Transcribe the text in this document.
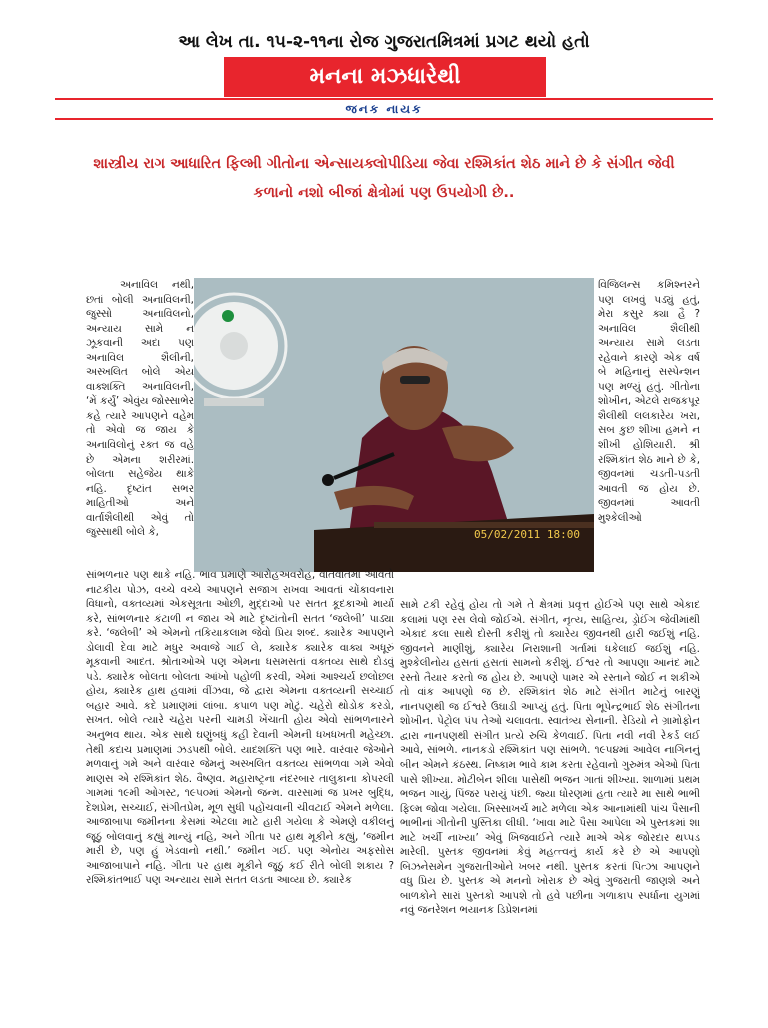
આ લેખ તા. ૧૫-૨-૧૧ના રોજ ગુજરાતમિત્રમાં પ્રગટ થયો હતો
મનના મઝધારેથી
જનક નાયક
શાસ્ત્રીય રાગ આધારિત ફિલ્મી ગીતોના એન્સાયક્લોપીડિયા જેવા રશ્મિકાંત શેઠ માને છે કે સંગીત જેવી કળાનો નશો બીજાં ક્ષેત્રોમાં પણ ઉપયોગી છે..
05/02/2011 18:00
અનાવિલ નથી, છતાં બોલી અનાવિલની, જુસ્સો અનાવિલનો, અન્યાય સામે ન ઝૂકવાની અદા પણ અનાવિલ શૈલીની, અસ્ખલિત બોલે એય વાક્શક્તિ અનાવિલની, ‘મેં કર્યું’ એવુંય જોસ્સાભેર કહે ત્યારે આપણને વહેમ તો એવો જ જાય કે અનાવિલોનું રક્ત જ વહે છે એમના શરીરમાં. બોલતા સહેજેય થાકે નહિ. દૃષ્ટાંત સભર માહિતીઓ અને વાર્તાશૈલીથી એવું તો જુસ્સાથી બોલે કે,
વિજિલન્સ કમિશ્નરને પણ લખવું પડ્યું હતું, મેરા કસુર ક્યા હૈ ? અનાવિલ શૈલીથી અન્યાય સામે લડતા રહેવાને કારણે એક વર્ષ બે મહિનાનું સસ્પેન્શન પણ મળ્યું હતું. ગીતોના શોખીન, એટલે રાજકપૂર શૈલીથી લલકારેય ખરા, સબ કુછ શીખા હમને ન શીખી હોશિયારી. શ્રી રશ્મિકાંત શેઠ માને છે કે, જીવનમાં ચડતી-પડતી આવતી જ હોય છે. જીવનમાં આવતી મુશ્કેલીઓ
સાંભળનાર પણ થાકે નહિ. ભાવ પ્રમાણે આરોહઅવરોહ, વાતવાતમાં આવતો નાટકીય પોઝ, વચ્ચે વચ્ચે આપણને સજાગ રાખવા આવતાં ચોંકાવનારા વિધાનો, વક્તવ્યમાં એકસૂત્રતા ઓછી, મુદ્દાઓ પર સતત કૂદકાઓ માર્યા કરે, સાંભળનાર કંટાળી ન જાય એ માટે દૃષ્ટાંતોની સતત ‘જલેબી’ પાડ્યા કરે. ‘જલેબી’ એ એમનો તકિયાકલામ જેવો પ્રિય શબ્દ. ક્યારેક આપણને ડોલાવી દેવા માટે મધુર અવાજે ગાઈ લે, ક્યારેક ક્યારેક વાક્ય અધૂરું મૂકવાની આદત. શ્રોતાઓએ પણ એમના ધસમસતાં વક્તવ્ય સાથે દોડવું પડે. ક્યારેક બોલતા બોલતા આંખો પહોળી કરવી, એમાં આશ્ચર્ય છલોછલ હોય, ક્યારેક હાથ હવામાં વીંઝવા, જે દ્વારા એમના વક્તવ્યની સચ્ચાઈ બહાર આવે. કદે પ્રમાણમાં લાંબા. કપાળ પણ મોટું. ચહેરો થોડોક કરડો, સખત. બોલે ત્યારે ચહેરા પરની ચામડી ખેંચાતી હોય એવો સાંભળનારને અનુભવ થાય. એક સાથે ઘણુંબધું કહી દેવાની એમની ધખધખતી મહેચ્છા. તેથી કદાચ પ્રમાણમાં ઝડપથી બોલે. યાદશક્તિ પણ ભારે. વારંવાર જેઓને મળવાનું ગમે અને વારંવાર જેમનું અસ્ખલિત વક્તવ્ય સાંભળવા ગમે એવો માણસ એ રશ્મિકાંત શેઠ. વૈષ્ણવ. મહારાષ્ટ્રના નંદરબાર તાલુકાના કોપરલી ગામમાં ૧૯મી ઓગસ્ટ, ૧૯૫૦માં એમનો જન્મ. વારસામાં જ પ્રખર બુદ્ધિ, દેશપ્રેમ, સચ્ચાઈ, સંગીતપ્રેમ, મૂળ સુધી પહોંચવાની ચીવટાઈ એમને મળેલા. આજાબાપા જમીનના કેસમાં એટલા માટે હારી ગયેલા કે એમણે વકીલનું જૂઠું બોલવાનું કહ્યું માન્યું નહિ, અને ગીતા પર હાથ મૂકીને કહ્યું, ‘જમીન મારી છે, પણ હું ખેડવાનો નથી.’ જમીન ગઈ. પણ એનોય અફસોસ આજાબાપાને નહિ. ગીતા પર હાથ મૂકીને જૂઠું કઈ રીતે બોલી શકાય ? રશ્મિકાંતભાઈ પણ અન્યાય સામે સતત લડતા આવ્યા છે. ક્યારેક
સામે ટકી રહેવું હોય તો ગમે તે ક્ષેત્રમાં પ્રવૃત્ત હોઈએ પણ સાથે એકાદ કલામાં પણ રસ લેવો જોઈએ. સંગીત, નૃત્ય, સાહિત્ય, ડ્રોઈંગ જેવીમાંથી એકાદ કલા સાથે દોસ્તી કરીશું તો ક્યારેય જીવનથી હારી જઈશું નહિ. જીવનને માણીશું, ક્યારેય નિરાશાની ગર્તામાં ધકેલાઈ જઈશું નહિ. મુશ્કેલીનોય હસતાં હસતાં સામનો કરીશું. ઈશ્વર તો આપણા આનંદ માટે રસ્તો તૈયાર કરતો જ હોય છે. આપણે પામર એ રસ્તાને જોઈ ન શકીએ તો વાંક આપણો જ છે. રશ્મિકાંત શેઠ માટે સંગીત માટેનું બારણું નાનપણથી જ ઈશ્વરે ઉઘાડી આપ્યું હતું. પિતા ભૂપેન્દ્રભાઈ શેઠ સંગીતના શોખીન. પેટ્રોલ પંપ તેઓ ચલાવતા. સ્વાતંત્ર્ય સેનાની. રેડિયો ને ગ્રામોફોન દ્વારા નાનપણથી સંગીત પ્રત્યે રુચિ કેળવાઈ. પિતા નવી નવી રેકર્ડ લઈ આવે, સાંભળે. નાનકડો રશ્મિકાંત પણ સાંભળે. ૧૯૫૪માં આવેલ નાગિનનું બીન એમને કંઠસ્થ. નિષ્કામ ભાવે કામ કરતા રહેવાનો ગુરુમંત્ર એઓ પિતા પાસે શીખ્યા. મોટીબેન શીલા પાસેથી ભજન ગાતાં શીખ્યા. શાળામાં પ્રથમ ભજન ગાયું, પિંજર પરાયું પંછી. જ્યા ધોરણમાં હતા ત્યારે મા સાથે ભાભી ફિલ્મ જોવા ગયેલા. ખિસ્સાખર્ચ માટે મળેલા એક આનામાંથી પાંચ પૈસાની ભાભીનાં ગીતોની પુસ્તિકા લીધી. ‘ખાવા માટે પૈસા આપેલા એ પુસ્તકમાં શા માટે ખર્ચી નાખ્યા’ એવું ખિજવાઈને ત્યારે માએ એક જોરદાર થપ્પડ મારેલી. પુસ્તક જીવનમાં કેવું મહત્ત્વનું કાર્ય કરે છે એ આપણો બિઝનેસમેન ગુજરાતીઓને ખબર નથી. પુસ્તક કરતાં પિત્ઝા આપણને વધુ પ્રિય છે. પુસ્તક એ મનનો ખોરાક છે એવું ગુજરાતી જાણશે અને બાળકોને સારાં પુસ્તકો આપશે તો હવે પછીના ગળાકાપ સ્પર્ધાના યુગમાં નવું જનરેશન ભયાનક ડિપ્રેશનમાં
